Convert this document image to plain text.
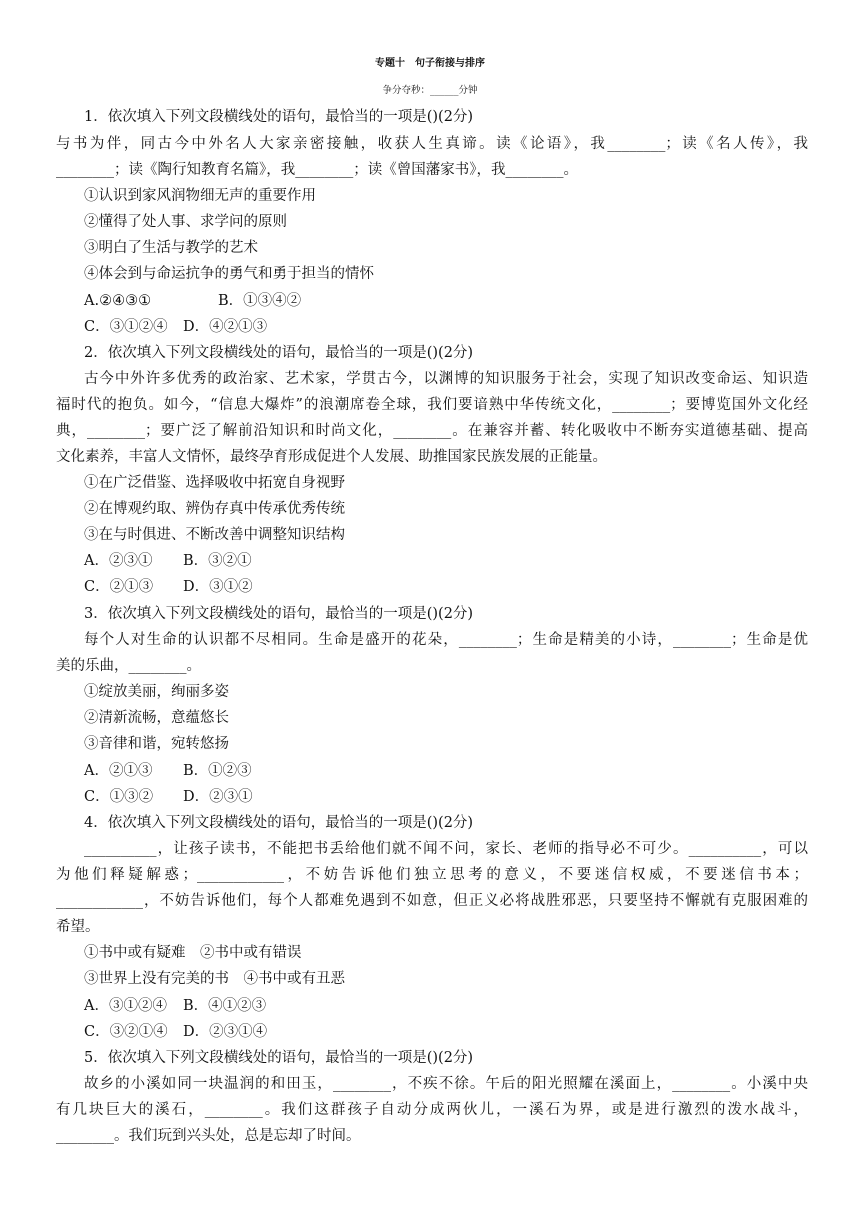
专题十　句子衔接与排序
争分夺秒：______分钟
1．依次填入下列文段横线处的语句，最恰当的一项是()(2分)
与书为伴，同古今中外名人大家亲密接触，收获人生真谛。读《论语》，我________；读《名人传》，我
________；读《陶行知教育名篇》，我________；读《曾国藩家书》，我________。
①认识到家风润物细无声的重要作用
②懂得了处人事、求学问的原则
③明白了生活与教学的艺术
④体会到与命运抗争的勇气和勇于担当的情怀
A.②④③①	B．①③④②
C．③①②④ D．④②①③
2．依次填入下列文段横线处的语句，最恰当的一项是()(2分)
古今中外许多优秀的政治家、艺术家，学贯古今，以渊博的知识服务于社会，实现了知识改变命运、知识造
福时代的抱负。如今，“信息大爆炸”的浪潮席卷全球，我们要谙熟中华传统文化，________；要博览国外文化经
典，________；要广泛了解前沿知识和时尚文化，________。在兼容并蓄、转化吸收中不断夯实道德基础、提高
文化素养，丰富人文情怀，最终孕育形成促进个人发展、助推国家民族发展的正能量。
①在广泛借鉴、选择吸收中拓宽自身视野
②在博观约取、辨伪存真中传承优秀传统
③在与时俱进、不断改善中调整知识结构
A．②③① B．③②①
C．②①③ D．③①②
3．依次填入下列文段横线处的语句，最恰当的一项是()(2分)
每个人对生命的认识都不尽相同。生命是盛开的花朵，________；生命是精美的小诗，________；生命是优
美的乐曲，________。
①绽放美丽，绚丽多姿
②清新流畅，意蕴悠长
③音律和谐，宛转悠扬
A．②①③ B．①②③
C．①③② D．②③①
4．依次填入下列文段横线处的语句，最恰当的一项是()(2分)
__________，让孩子读书，不能把书丢给他们就不闻不问，家长、老师的指导必不可少。__________，可以
为他们释疑解惑；____________，不妨告诉他们独立思考的意义，不要迷信权威，不要迷信书本；
____________，不妨告诉他们，每个人都难免遇到不如意，但正义必将战胜邪恶，只要坚持不懈就有克服困难的
希望。
①书中或有疑难　②书中或有错误
③世界上没有完美的书　④书中或有丑恶
A．③①②④ B．④①②③
C．③②①④ D．②③①④
5．依次填入下列文段横线处的语句，最恰当的一项是()(2分)
故乡的小溪如同一块温润的和田玉，________，不疾不徐。午后的阳光照耀在溪面上，________。小溪中央
有几块巨大的溪石，________。我们这群孩子自动分成两伙儿，一溪石为界，或是进行激烈的泼水战斗，
________。我们玩到兴头处，总是忘却了时间。
